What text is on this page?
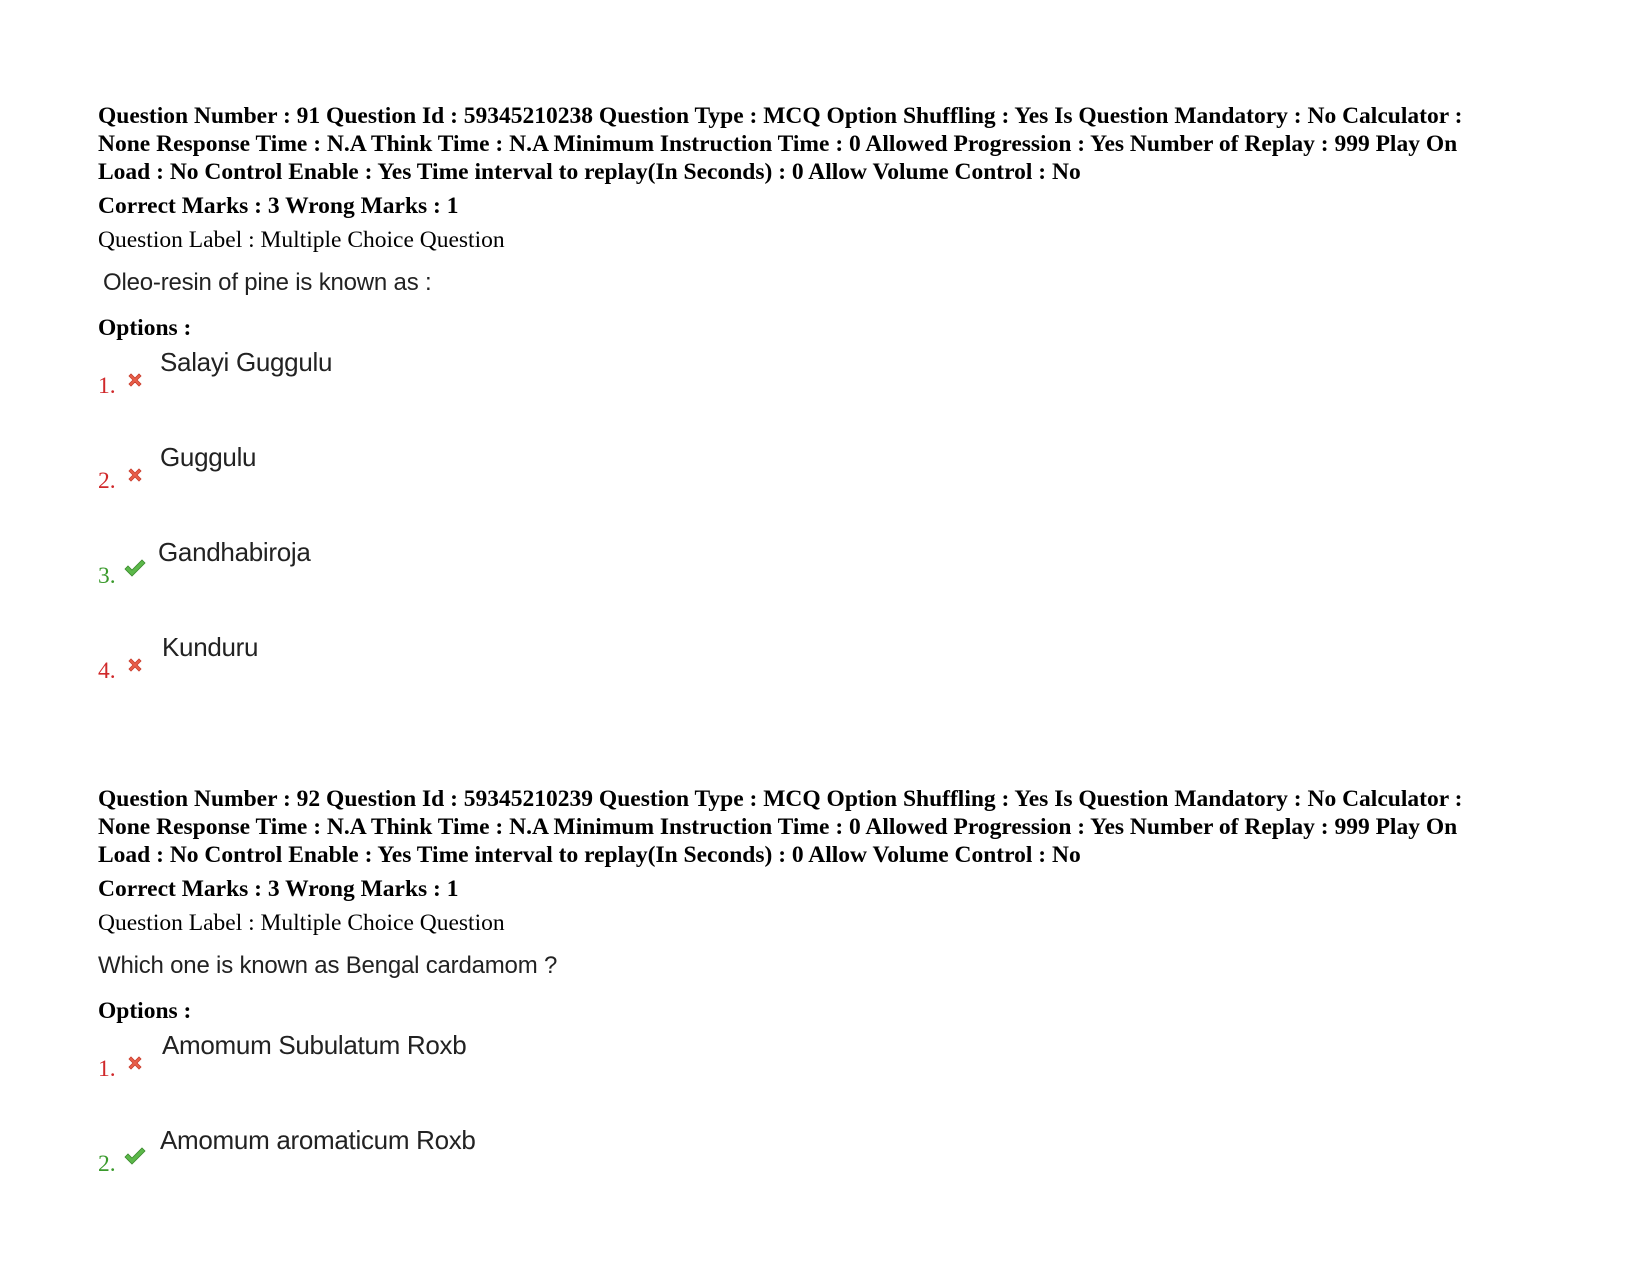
Question Number : 91 Question Id : 59345210238 Question Type : MCQ Option Shuffling : Yes Is Question Mandatory : No Calculator :
None Response Time : N.A Think Time : N.A Minimum Instruction Time : 0 Allowed Progression : Yes Number of Replay : 999 Play On
Load : No Control Enable : Yes Time interval to replay(In Seconds) : 0 Allow Volume Control : No
Correct Marks : 3 Wrong Marks : 1
Question Label : Multiple Choice Question
Oleo-resin of pine is known as :
Options :
1.
Salayi Guggulu
2.
Guggulu
3.
Gandhabiroja
4.
Kunduru
Question Number : 92 Question Id : 59345210239 Question Type : MCQ Option Shuffling : Yes Is Question Mandatory : No Calculator :
None Response Time : N.A Think Time : N.A Minimum Instruction Time : 0 Allowed Progression : Yes Number of Replay : 999 Play On
Load : No Control Enable : Yes Time interval to replay(In Seconds) : 0 Allow Volume Control : No
Correct Marks : 3 Wrong Marks : 1
Question Label : Multiple Choice Question
Which one is known as Bengal cardamom ?
Options :
1.
Amomum Subulatum Roxb
2.
Amomum aromaticum Roxb
